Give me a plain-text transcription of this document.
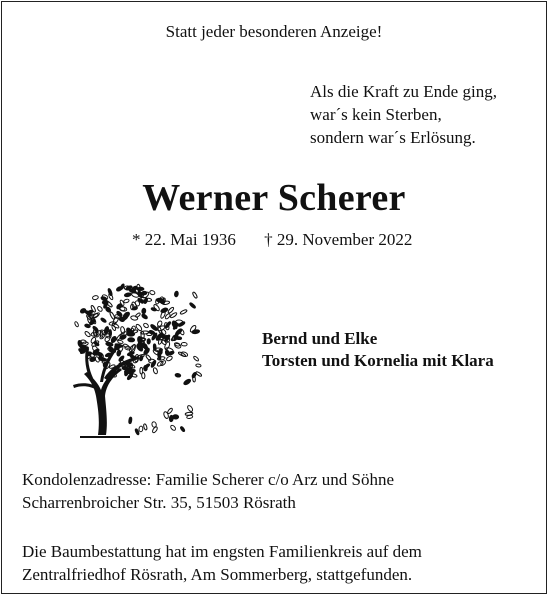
Statt jeder besonderen Anzeige!

Als die Kraft zu Ende ging,
war´s kein Sterben,
sondern war´s Erlösung.
Werner Scherer
* 22. Mai 1936 † 29. November 2022
Bernd und Elke
Torsten und Kornelia mit Klara
Kondolenzadresse: Familie Scherer c/o Arz und Söhne
Scharrenbroicher Str. 35, 51503 Rösrath
Die Baumbestattung hat im engsten Familienkreis auf dem
Zentralfriedhof Rösrath, Am Sommerberg, stattgefunden.
